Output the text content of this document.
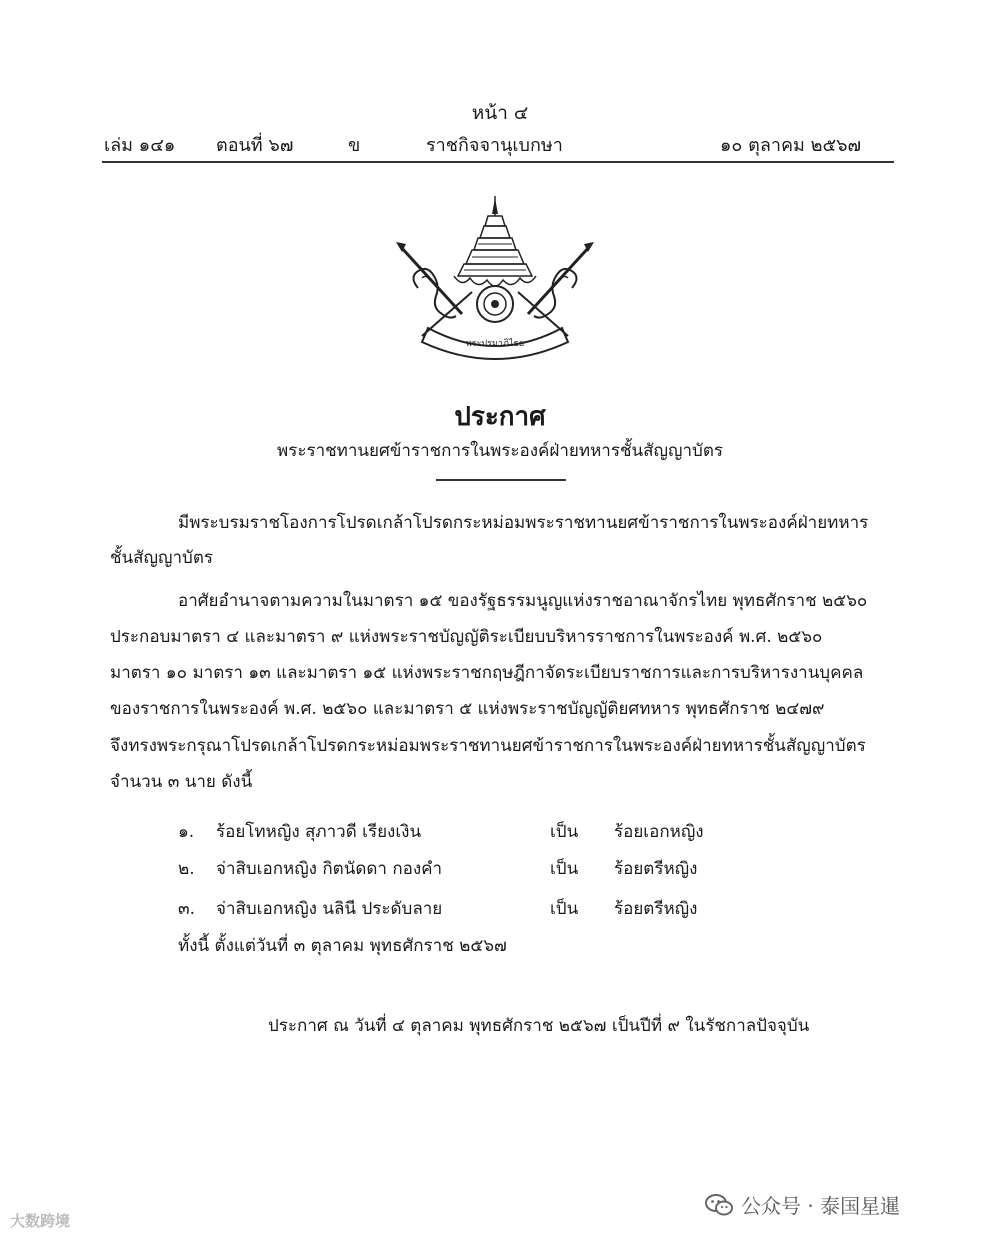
หน้า ๔
เล่ม ๑๔๑ ตอนที่ ๖๗	ข	ราชกิจจานุเบกษา	๑๐ ตุลาคม ๒๕๖๗
พระปรมาภิไธย
ประกาศ
พระราชทานยศข้าราชการในพระองค์ฝ่ายทหารชั้นสัญญาบัตร
มีพระบรมราชโองการโปรดเกล้าโปรดกระหม่อมพระราชทานยศข้าราชการในพระองค์ฝ่ายทหาร
ชั้นสัญญาบัตร
อาศัยอำนาจตามความในมาตรา ๑๕ ของรัฐธรรมนูญแห่งราชอาณาจักรไทย พุทธศักราช ๒๕๖๐
ประกอบมาตรา ๔ และมาตรา ๙ แห่งพระราชบัญญัติระเบียบบริหารราชการในพระองค์ พ.ศ. ๒๕๖๐
มาตรา ๑๐ มาตรา ๑๓ และมาตรา ๑๕ แห่งพระราชกฤษฎีกาจัดระเบียบราชการและการบริหารงานบุคคล
ของราชการในพระองค์ พ.ศ. ๒๕๖๐ และมาตรา ๕ แห่งพระราชบัญญัติยศทหาร พุทธศักราช ๒๔๗๙
จึงทรงพระกรุณาโปรดเกล้าโปรดกระหม่อมพระราชทานยศข้าราชการในพระองค์ฝ่ายทหารชั้นสัญญาบัตร
จำนวน ๓ นาย ดังนี้
๑. ร้อยโทหญิง สุภาวดี เรียงเงิน	เป็น ร้อยเอกหญิง
๒. จ่าสิบเอกหญิง กิตนัดดา กองคำ	เป็น ร้อยตรีหญิง
๓. จ่าสิบเอกหญิง นลินี ประดับลาย	เป็น ร้อยตรีหญิง
ทั้งนี้ ตั้งแต่วันที่ ๓ ตุลาคม พุทธศักราช ๒๕๖๗
ประกาศ ณ วันที่ ๔ ตุลาคม พุทธศักราช ๒๕๖๗ เป็นปีที่ ๙ ในรัชกาลปัจจุบัน
大数跨境
公众号 · 泰国星暹
